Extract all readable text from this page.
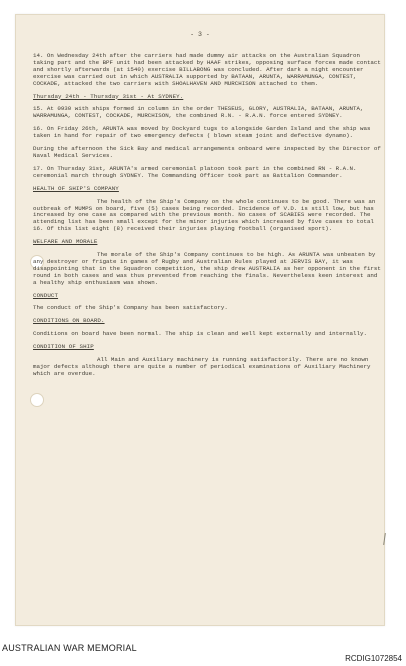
- 3 -

14. On Wednesday 24th after the carriers had made dummy air attacks on the Australian Squadron taking part and the BPF unit had been attacked by HAAF strikes, opposing surface forces made contact and shortly afterwards (at 1540) exercise BILLABONG was concluded. After dark a night encounter exercise was carried out in which AUSTRALIA supported by BATAAN, ARUNTA, WARRAMUNGA, CONTEST, COCKADE, attacked the two carriers with SHOALHAVEN AND MURCHISON attached to them.

Thursday 24th - Thursday 31st - At SYDNEY.

15. At 0930 with ships formed in column in the order THESEUS, GLORY, AUSTRALIA, BATAAN, ARUNTA, WARRAMUNGA, CONTEST, COCKADE, MURCHISON, the combined R.N. - R.A.N. force entered SYDNEY.

16. On Friday 26th, ARUNTA was moved by Dockyard tugs to alongside Garden Island and the ship was taken in hand for repair of two emergency defects ( blown steam joint and defective dynamo).

During the afternoon the Sick Bay and medical arrangements onboard were inspected by the Director of Naval Medical Services.

17. On Thursday 31st, ARUNTA's armed ceremonial platoon took part in the combined RN - R.A.N. ceremonial march through SYDNEY. The Commanding Officer took part as Battalion Commander.

HEALTH OF SHIP'S COMPANY

The health of the Ship's Company on the whole continues to be good. There was an outbreak of MUMPS on board, five (5) cases being recorded. Incidence of V.D. is still low, but has increased by one case as compared with the previous month. No cases of SCABIES were recorded. The attending list has been small except for the minor injuries which increased by five cases to total 16. Of this list eight (8) received their injuries playing football (organised sport).

WELFARE AND MORALE

The morale of the Ship's Company continues to be high. As ARUNTA was unbeaten by any destroyer or frigate in games of Rugby and Australian Rules played at JERVIS BAY, it was disappointing that in the Squadron competition, the ship drew AUSTRALIA as her opponent in the first round in both cases and was thus prevented from reaching the finals. Nevertheless keen interest and a healthy ship enthusiasm was shown.

CONDUCT

The conduct of the Ship's Company has been satisfactory.

CONDITIONS ON BOARD.

Conditions on board have been normal. The ship is clean and well kept externally and internally.

CONDITION OF SHIP

All Main and Auxiliary machinery is running satisfactorily. There are no known major defects although there are quite a number of periodical examinations of Auxiliary Machinery which are overdue.

AUSTRALIAN WAR MEMORIAL
RCDIG1072854
